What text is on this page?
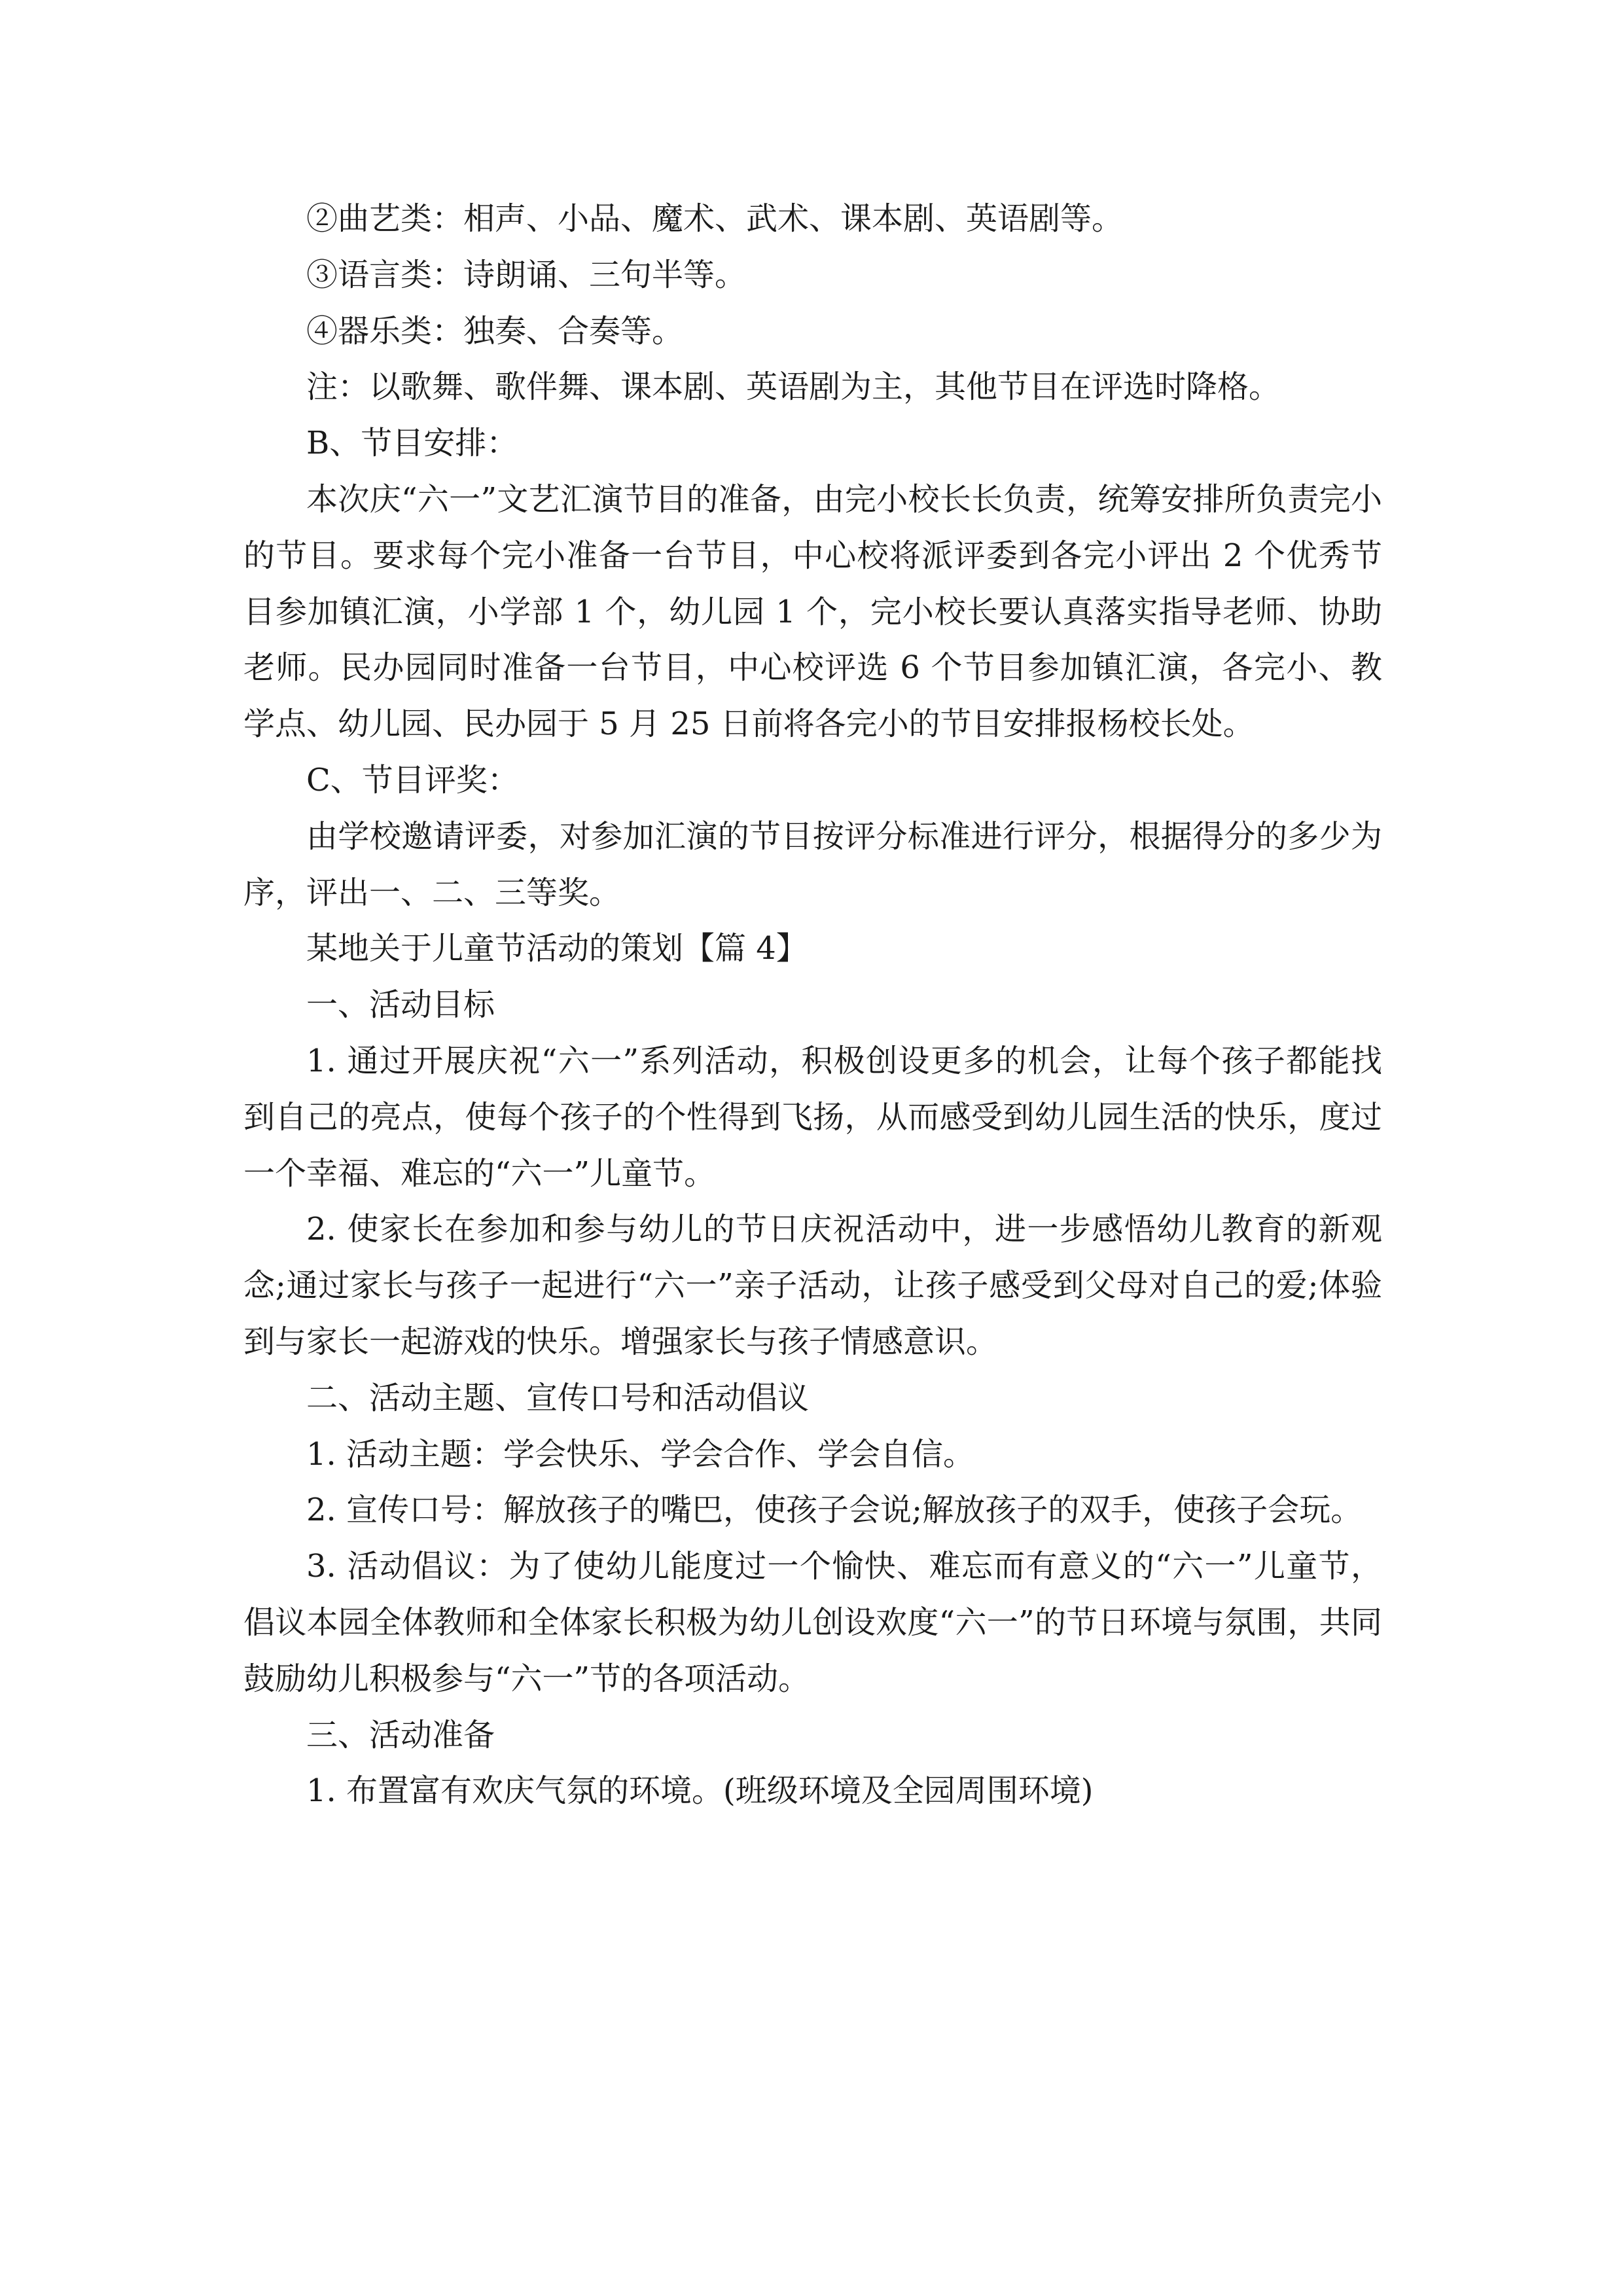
②曲艺类：相声、小品、魔术、武术、课本剧、英语剧等。

③语言类：诗朗诵、三句半等。

④器乐类：独奏、合奏等。

注：以歌舞、歌伴舞、课本剧、英语剧为主，其他节目在评选时降格。

B、节目安排：

本次庆“六一”文艺汇演节目的准备，由完小校长长负责，统筹安排所负责完小的节目。要求每个完小准备一台节目，中心校将派评委到各完小评出 2 个优秀节目参加镇汇演，小学部 1 个，幼儿园 1 个，完小校长要认真落实指导老师、协助老师。民办园同时准备一台节目，中心校评选 6 个节目参加镇汇演，各完小、教学点、幼儿园、民办园于 5 月 25 日前将各完小的节目安排报杨校长处。

C、节目评奖：

由学校邀请评委，对参加汇演的节目按评分标准进行评分，根据得分的多少为序，评出一、二、三等奖。

某地关于儿童节活动的策划【篇 4】

一、活动目标

1. 通过开展庆祝“六一”系列活动，积极创设更多的机会，让每个孩子都能找到自己的亮点，使每个孩子的个性得到飞扬，从而感受到幼儿园生活的快乐，度过一个幸福、难忘的“六一”儿童节。

2. 使家长在参加和参与幼儿的节日庆祝活动中，进一步感悟幼儿教育的新观念;通过家长与孩子一起进行“六一”亲子活动，让孩子感受到父母对自己的爱;体验到与家长一起游戏的快乐。增强家长与孩子情感意识。

二、活动主题、宣传口号和活动倡议

1. 活动主题：学会快乐、学会合作、学会自信。

2. 宣传口号：解放孩子的嘴巴，使孩子会说;解放孩子的双手，使孩子会玩。

3. 活动倡议：为了使幼儿能度过一个愉快、难忘而有意义的“六一”儿童节，倡议本园全体教师和全体家长积极为幼儿创设欢度“六一”的节日环境与氛围，共同鼓励幼儿积极参与“六一”节的各项活动。

三、活动准备

1. 布置富有欢庆气氛的环境。(班级环境及全园周围环境)
